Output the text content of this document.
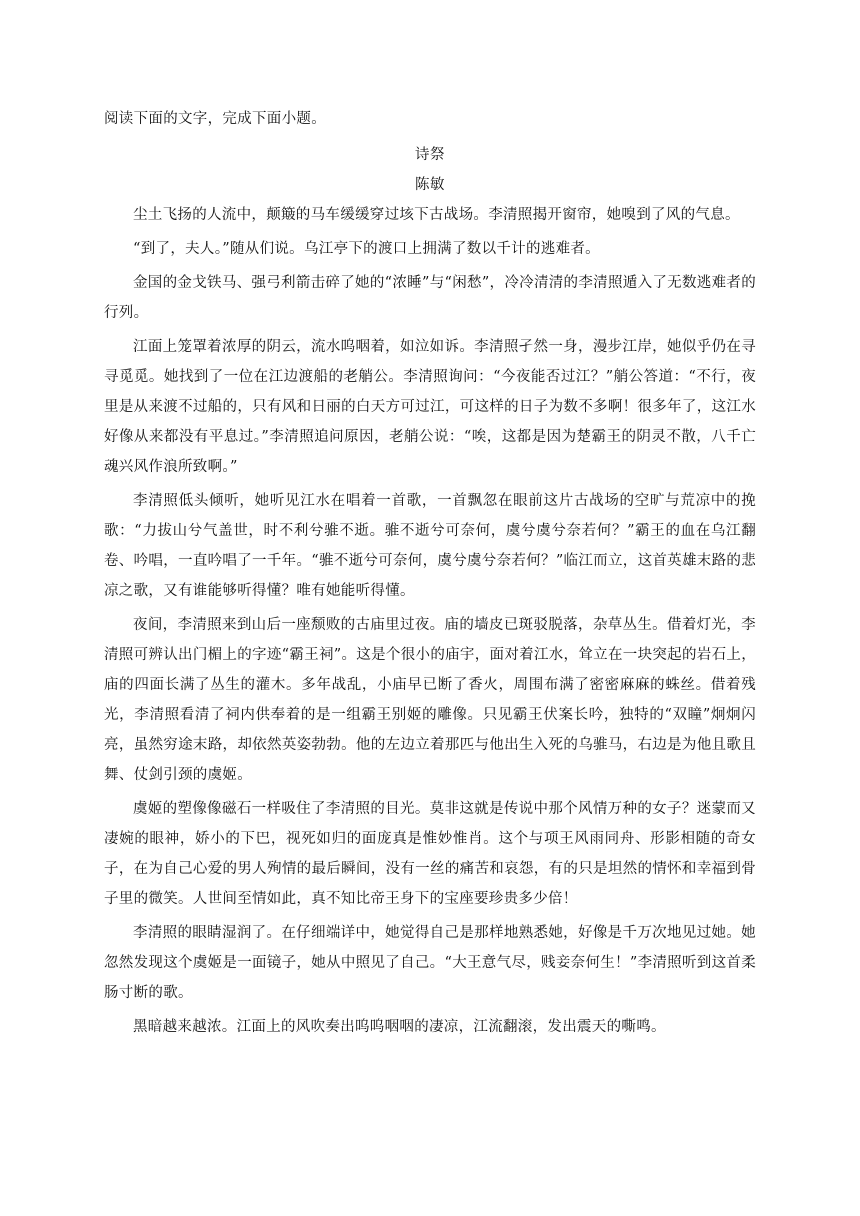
阅读下面的文字，完成下面小题。

诗祭

陈敏

尘土飞扬的人流中，颠簸的马车缓缓穿过垓下古战场。李清照揭开窗帘，她嗅到了风的气息。

“到了，夫人。”随从们说。乌江亭下的渡口上拥满了数以千计的逃难者。

金国的金戈铁马、强弓利箭击碎了她的“浓睡”与“闲愁”，冷冷清清的李清照遁入了无数逃难者的行列。

江面上笼罩着浓厚的阴云，流水呜咽着，如泣如诉。李清照孑然一身，漫步江岸，她似乎仍在寻寻觅觅。她找到了一位在江边渡船的老艄公。李清照询问：“今夜能否过江？”艄公答道：“不行，夜里是从来渡不过船的，只有风和日丽的白天方可过江，可这样的日子为数不多啊！很多年了，这江水好像从来都没有平息过。”李清照追问原因，老艄公说：“唉，这都是因为楚霸王的阴灵不散，八千亡魂兴风作浪所致啊。”

李清照低头倾听，她听见江水在唱着一首歌，一首飘忽在眼前这片古战场的空旷与荒凉中的挽歌：“力拔山兮气盖世，时不利兮骓不逝。骓不逝兮可奈何，虞兮虞兮奈若何？”霸王的血在乌江翻卷、吟唱，一直吟唱了一千年。“骓不逝兮可奈何，虞兮虞兮奈若何？”临江而立，这首英雄末路的悲凉之歌，又有谁能够听得懂？唯有她能听得懂。

夜间，李清照来到山后一座颓败的古庙里过夜。庙的墙皮已斑驳脱落，杂草丛生。借着灯光，李清照可辨认出门楣上的字迹“霸王祠”。这是个很小的庙宇，面对着江水，耸立在一块突起的岩石上，庙的四面长满了丛生的灌木。多年战乱，小庙早已断了香火，周围布满了密密麻麻的蛛丝。借着残光，李清照看清了祠内供奉着的是一组霸王别姬的雕像。只见霸王伏案长吟，独特的“双瞳”炯炯闪亮，虽然穷途末路，却依然英姿勃勃。他的左边立着那匹与他出生入死的乌骓马，右边是为他且歌且舞、仗剑引颈的虞姬。

虞姬的塑像像磁石一样吸住了李清照的目光。莫非这就是传说中那个风情万种的女子？迷蒙而又凄婉的眼神，娇小的下巴，视死如归的面庞真是惟妙惟肖。这个与项王风雨同舟、形影相随的奇女子，在为自己心爱的男人殉情的最后瞬间，没有一丝的痛苦和哀怨，有的只是坦然的情怀和幸福到骨子里的微笑。人世间至情如此，真不知比帝王身下的宝座要珍贵多少倍！

李清照的眼睛湿润了。在仔细端详中，她觉得自己是那样地熟悉她，好像是千万次地见过她。她忽然发现这个虞姬是一面镜子，她从中照见了自己。“大王意气尽，贱妾奈何生！”李清照听到这首柔肠寸断的歌。

黑暗越来越浓。江面上的风吹奏出呜呜咽咽的凄凉，江流翻滚，发出震天的嘶鸣。
